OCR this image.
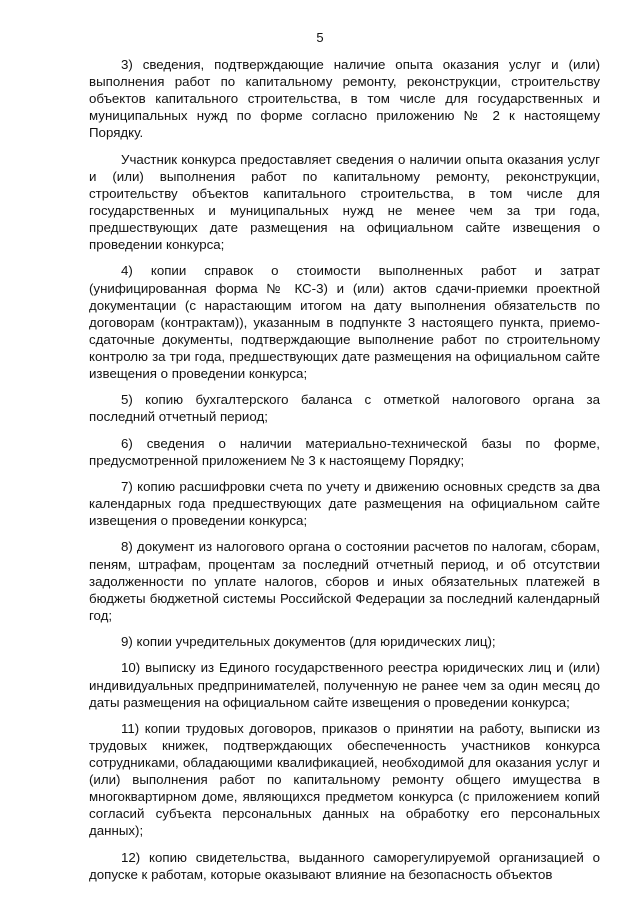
5

3) сведения, подтверждающие наличие опыта оказания услуг и (или) выполнения работ по капитальному ремонту, реконструкции, строительству объектов капитального строительства, в том числе для государственных и муниципальных нужд по форме согласно приложению № 2 к настоящему Порядку.

Участник конкурса предоставляет сведения о наличии опыта оказания услуг и (или) выполнения работ по капитальному ремонту, реконструкции, строительству объектов капитального строительства, в том числе для государственных и муниципальных нужд не менее чем за три года, предшествующих дате размещения на официальном сайте извещения о проведении конкурса;

4) копии справок о стоимости выполненных работ и затрат (унифицированная форма № КС-3) и (или) актов сдачи-приемки проектной документации (с нарастающим итогом на дату выполнения обязательств по договорам (контрактам)), указанным в подпункте 3 настоящего пункта, приемо-сдаточные документы, подтверждающие выполнение работ по строительному контролю за три года, предшествующих дате размещения на официальном сайте извещения о проведении конкурса;

5) копию бухгалтерского баланса с отметкой налогового органа за последний отчетный период;

6) сведения о наличии материально-технической базы по форме, предусмотренной приложением № 3 к настоящему Порядку;

7) копию расшифровки счета по учету и движению основных средств за два календарных года предшествующих дате размещения на официальном сайте извещения о проведении конкурса;

8) документ из налогового органа о состоянии расчетов по налогам, сборам, пеням, штрафам, процентам за последний отчетный период, и об отсутствии задолженности по уплате налогов, сборов и иных обязательных платежей в бюджеты бюджетной системы Российской Федерации за последний календарный год;

9) копии учредительных документов (для юридических лиц);

10) выписку из Единого государственного реестра юридических лиц и (или) индивидуальных предпринимателей, полученную не ранее чем за один месяц до даты размещения на официальном сайте извещения о проведении конкурса;

11) копии трудовых договоров, приказов о принятии на работу, выписки из трудовых книжек, подтверждающих обеспеченность участников конкурса сотрудниками, обладающими квалификацией, необходимой для оказания услуг и (или) выполнения работ по капитальному ремонту общего имущества в многоквартирном доме, являющихся предметом конкурса (с приложением копий согласий субъекта персональных данных на обработку его персональных данных);

12) копию свидетельства, выданного саморегулируемой организацией о допуске к работам, которые оказывают влияние на безопасность объектов
